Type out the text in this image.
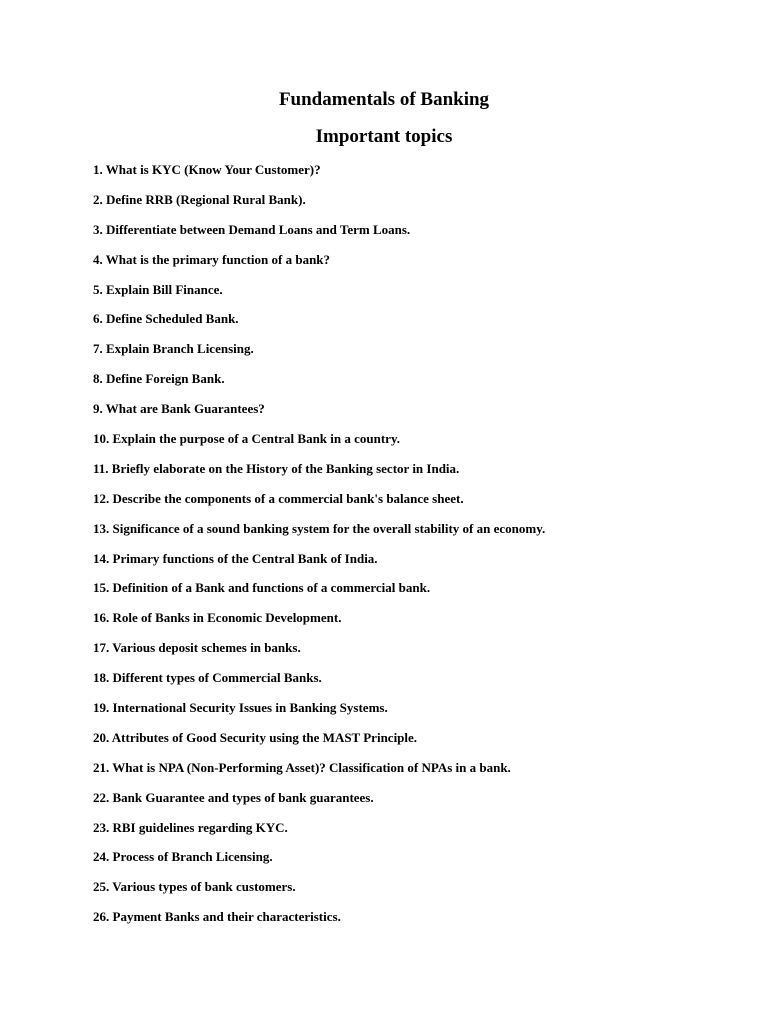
Fundamentals of Banking
Important topics
1. What is KYC (Know Your Customer)?
2. Define RRB (Regional Rural Bank).
3. Differentiate between Demand Loans and Term Loans.
4. What is the primary function of a bank?
5. Explain Bill Finance.
6. Define Scheduled Bank.
7. Explain Branch Licensing.
8. Define Foreign Bank.
9. What are Bank Guarantees?
10. Explain the purpose of a Central Bank in a country.
11. Briefly elaborate on the History of the Banking sector in India.
12. Describe the components of a commercial bank's balance sheet.
13. Significance of a sound banking system for the overall stability of an economy.
14. Primary functions of the Central Bank of India.
15. Definition of a Bank and functions of a commercial bank.
16. Role of Banks in Economic Development.
17. Various deposit schemes in banks.
18. Different types of Commercial Banks.
19. International Security Issues in Banking Systems.
20. Attributes of Good Security using the MAST Principle.
21. What is NPA (Non-Performing Asset)? Classification of NPAs in a bank.
22. Bank Guarantee and types of bank guarantees.
23. RBI guidelines regarding KYC.
24. Process of Branch Licensing.
25. Various types of bank customers.
26. Payment Banks and their characteristics.
